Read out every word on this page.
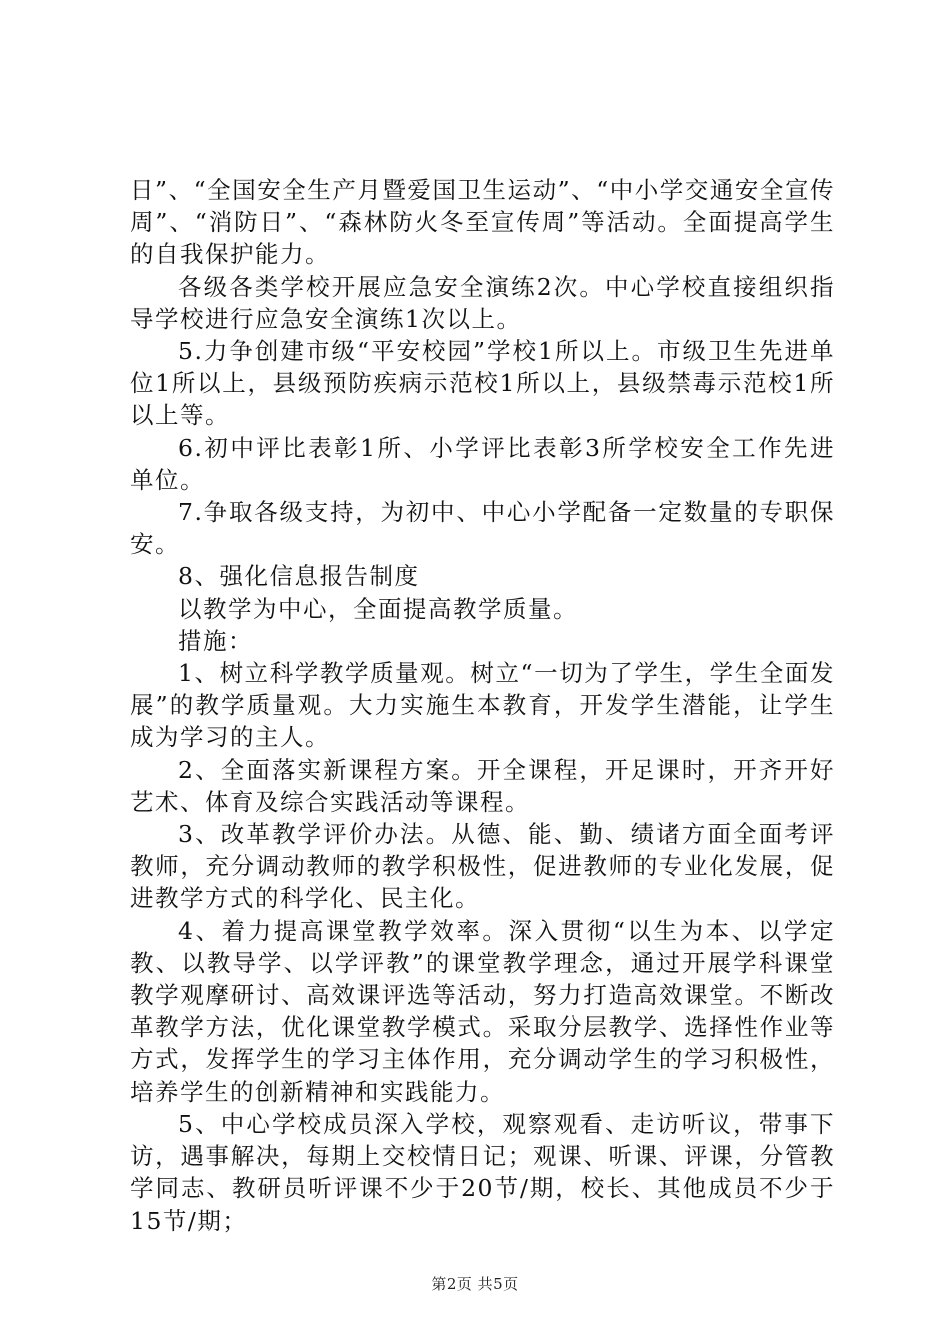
日”、“全国安全生产月暨爱国卫生运动”、“中小学交通安全宣传周”、“消防日”、“森林防火冬至宣传周”等活动。全面提高学生的自我保护能力。

各级各类学校开展应急安全演练2次。中心学校直接组织指导学校进行应急安全演练1次以上。

5.力争创建市级“平安校园”学校1所以上。市级卫生先进单位1所以上，县级预防疾病示范校1所以上，县级禁毒示范校1所以上等。

6.初中评比表彰1所、小学评比表彰3所学校安全工作先进单位。

7.争取各级支持，为初中、中心小学配备一定数量的专职保安。

8、强化信息报告制度

以教学为中心，全面提高教学质量。

措施：

1、树立科学教学质量观。树立“一切为了学生，学生全面发展”的教学质量观。大力实施生本教育，开发学生潜能，让学生成为学习的主人。

2、全面落实新课程方案。开全课程，开足课时，开齐开好艺术、体育及综合实践活动等课程。

3、改革教学评价办法。从德、能、勤、绩诸方面全面考评教师，充分调动教师的教学积极性，促进教师的专业化发展，促进教学方式的科学化、民主化。

4、着力提高课堂教学效率。深入贯彻“以生为本、以学定教、以教导学、以学评教”的课堂教学理念，通过开展学科课堂教学观摩研讨、高效课评选等活动，努力打造高效课堂。不断改革教学方法，优化课堂教学模式。采取分层教学、选择性作业等方式，发挥学生的学习主体作用，充分调动学生的学习积极性，培养学生的创新精神和实践能力。

5、中心学校成员深入学校，观察观看、走访听议，带事下访，遇事解决，每期上交校情日记；观课、听课、评课，分管教学同志、教研员听评课不少于20节/期，校长、其他成员不少于15节/期；

第2页 共5页
